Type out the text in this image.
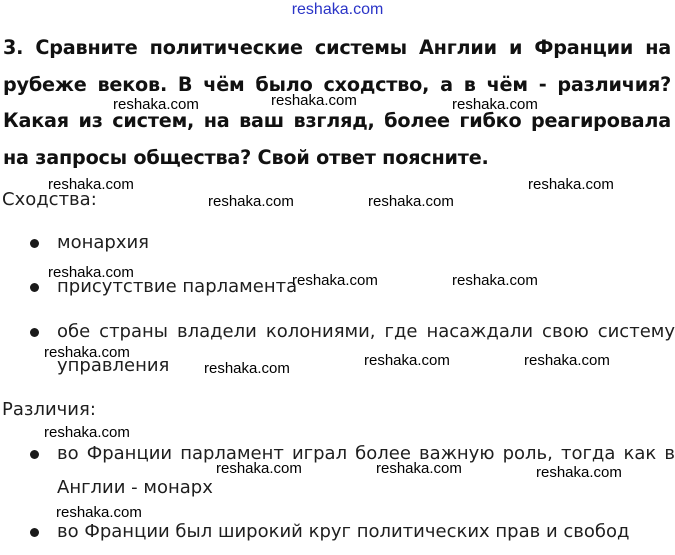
reshaka.com
3. Сравните политические системы Англии и Франции на рубеже веков. В чём было сходство, а в чём - различия? Какая из систем, на ваш взгляд, более гибко реагировала на запросы общества? Свой ответ поясните.
Сходства:
монархия
присутствие парламента
обе страны владели колониями, где насаждали свою систему управления
Различия:
во Франции парламент играл более важную роль, тогда как в Англии - монарх
во Франции был широкий круг политических прав и свобод
reshaka.com	reshaka.com	reshaka.com
reshaka.com
reshaka.com	reshaka.com
reshaka.com
reshaka.com	reshaka.com	reshaka.com
reshaka.com
reshaka.com	reshaka.com	reshaka.com
reshaka.com
reshaka.com	reshaka.com	reshaka.com
reshaka.com
